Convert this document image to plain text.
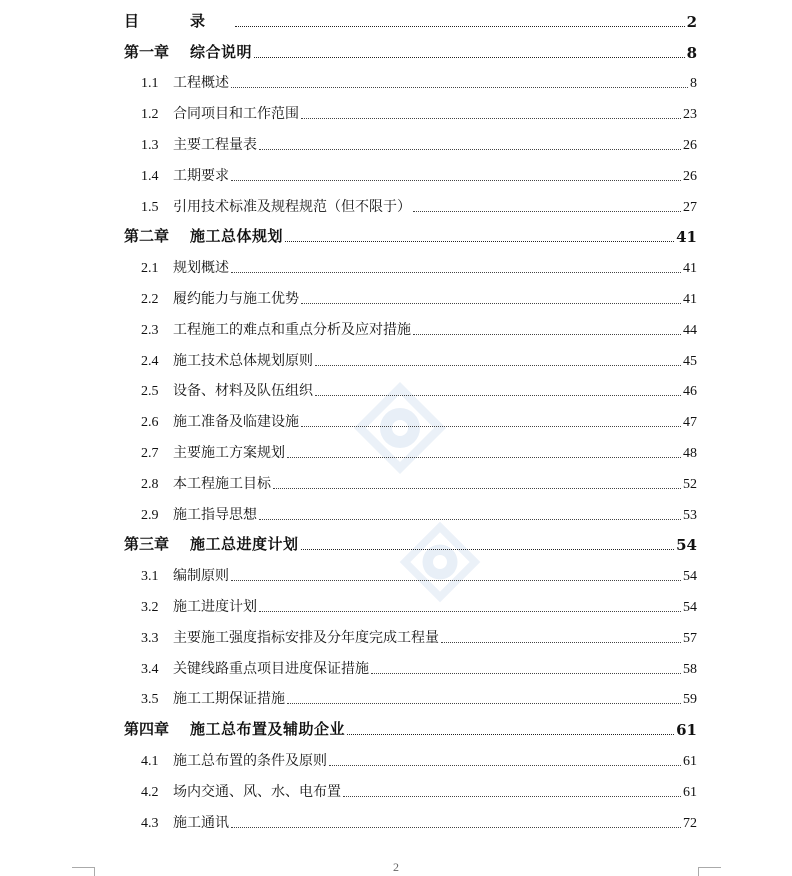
目	录	2
第一章	综合说明	8
1.1	工程概述	8
1.2	合同项目和工作范围	23
1.3	主要工程量表	26
1.4	工期要求	26
1.5	引用技术标准及规程规范（但不限于）	27
第二章	施工总体规划	41
2.1	规划概述	41
2.2	履约能力与施工优势	41
2.3	工程施工的难点和重点分析及应对措施	44
2.4	施工技术总体规划原则	45
2.5	设备、材料及队伍组织	46
2.6	施工准备及临建设施	47
2.7	主要施工方案规划	48
2.8	本工程施工目标	52
2.9	施工指导思想	53
第三章	施工总进度计划	54
3.1	编制原则	54
3.2	施工进度计划	54
3.3	主要施工强度指标安排及分年度完成工程量	57
3.4	关键线路重点项目进度保证措施	58
3.5	施工工期保证措施	59
第四章	施工总布置及辅助企业	61
4.1	施工总布置的条件及原则	61
4.2	场内交通、风、水、电布置	61
4.3	施工通讯	72
2
